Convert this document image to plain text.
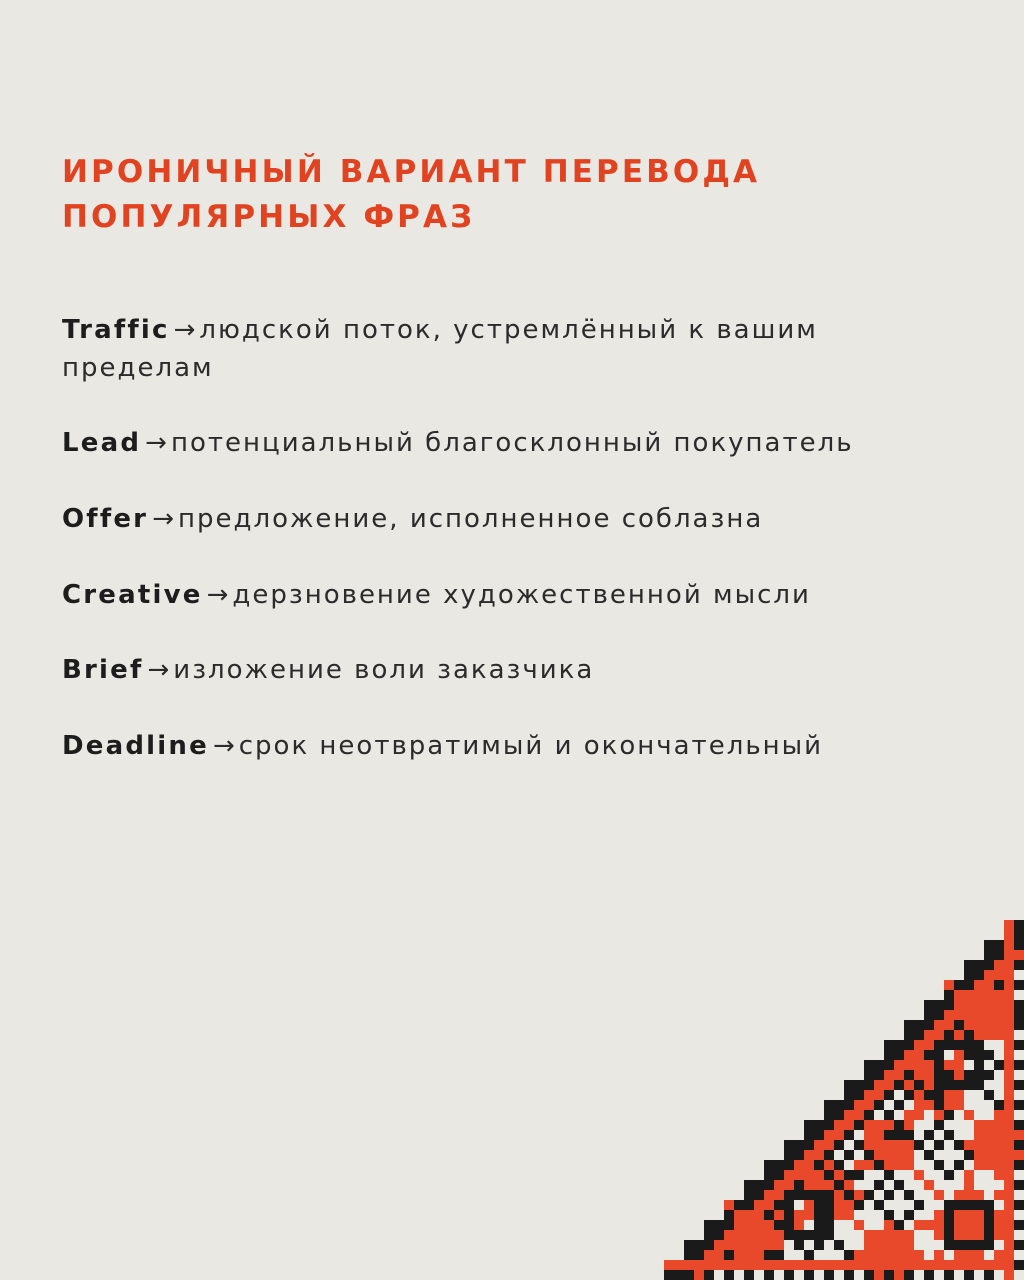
ИРОНИЧНЫЙ ВАРИАНТ ПЕРЕВОДА ПОПУЛЯРНЫХ ФРАЗ
Traffic → людской поток, устремлённый к вашим пределам
Lead → потенциальный благосклонный покупатель
Offer → предложение, исполненное соблазна
Creative → дерзновение художественной мысли
Brief → изложение воли заказчика
Deadline → срок неотвратимый и окончательный
